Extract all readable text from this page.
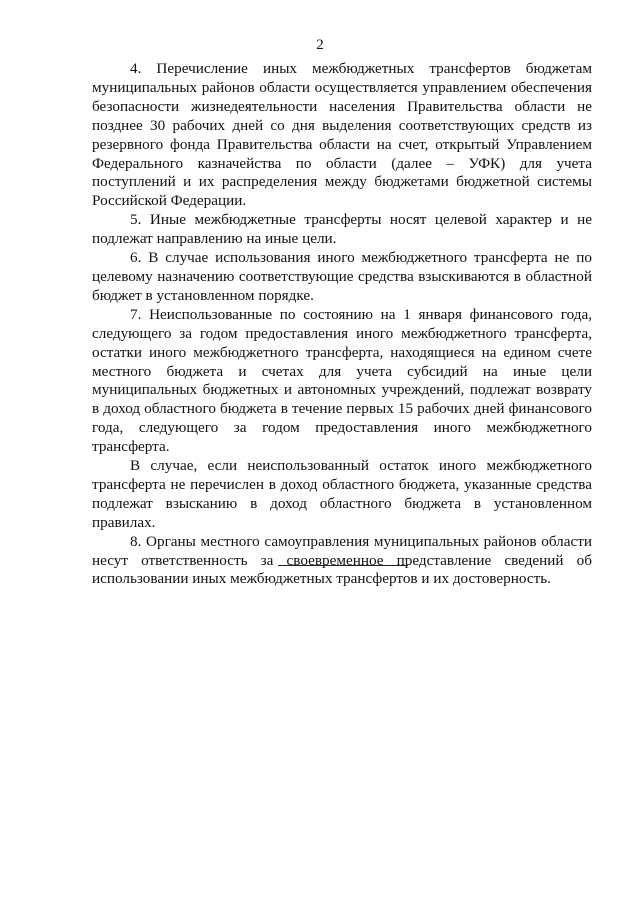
2

4. Перечисление иных межбюджетных трансфертов бюджетам муниципальных районов области осуществляется управлением обеспечения безопасности жизнедеятельности населения Правительства области не позднее 30 рабочих дней со дня выделения соответствующих средств из резервного фонда Правительства области на счет, открытый Управлением Федерального казначейства по области (далее – УФК) для учета поступлений и их распределения между бюджетами бюджетной системы Российской Федерации.

5. Иные межбюджетные трансферты носят целевой характер и не подлежат направлению на иные цели.

6. В случае использования иного межбюджетного трансферта не по целевому назначению соответствующие средства взыскиваются в областной бюджет в установленном порядке.

7. Неиспользованные по состоянию на 1 января финансового года, следующего за годом предоставления иного межбюджетного трансферта, остатки иного межбюджетного трансферта, находящиеся на едином счете местного бюджета и счетах для учета субсидий на иные цели муниципальных бюджетных и автономных учреждений, подлежат возврату в доход областного бюджета в течение первых 15 рабочих дней финансового года, следующего за годом предоставления иного межбюджетного трансферта.

В случае, если неиспользованный остаток иного межбюджетного трансферта не перечислен в доход областного бюджета, указанные средства подлежат взысканию в доход областного бюджета в установленном правилах.

8. Органы местного самоуправления муниципальных районов области несут ответственность за своевременное представление сведений об использовании иных межбюджетных трансфертов и их достоверность.
